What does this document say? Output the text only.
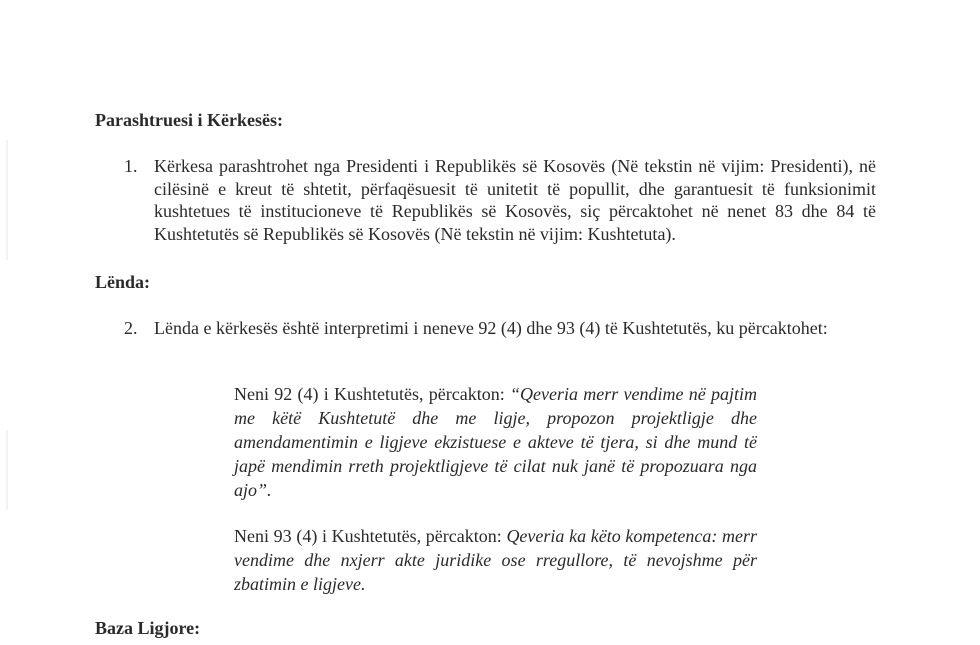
Parashtruesi i Kërkesës:
1. Kërkesa parashtrohet nga Presidenti i Republikës së Kosovës (Në tekstin në vijim: Presidenti), në cilësinë e kreut të shtetit, përfaqësuesit të unitetit të popullit, dhe garantuesit të funksionimit kushtetues të institucioneve të Republikës së Kosovës, siç përcaktohet në nenet 83 dhe 84 të Kushtetutës së Republikës së Kosovës (Në tekstin në vijim: Kushtetuta).
Lënda:
2. Lënda e kërkesës është interpretimi i neneve 92 (4) dhe 93 (4) të Kushtetutës, ku përcaktohet:

Neni 92 (4) i Kushtetutës, përcakton: “Qeveria merr vendime në pajtim me këtë Kushtetutë dhe me ligje, propozon projektligje dhe amendamentimin e ligjeve ekzistuese e akteve të tjera, si dhe mund të japë mendimin rreth projektligjeve të cilat nuk janë të propozuara nga ajo”.

Neni 93 (4) i Kushtetutës, përcakton: Qeveria ka këto kompetenca: merr vendime dhe nxjerr akte juridike ose rregullore, të nevojshme për zbatimin e ligjeve.

Baza Ligjore:
